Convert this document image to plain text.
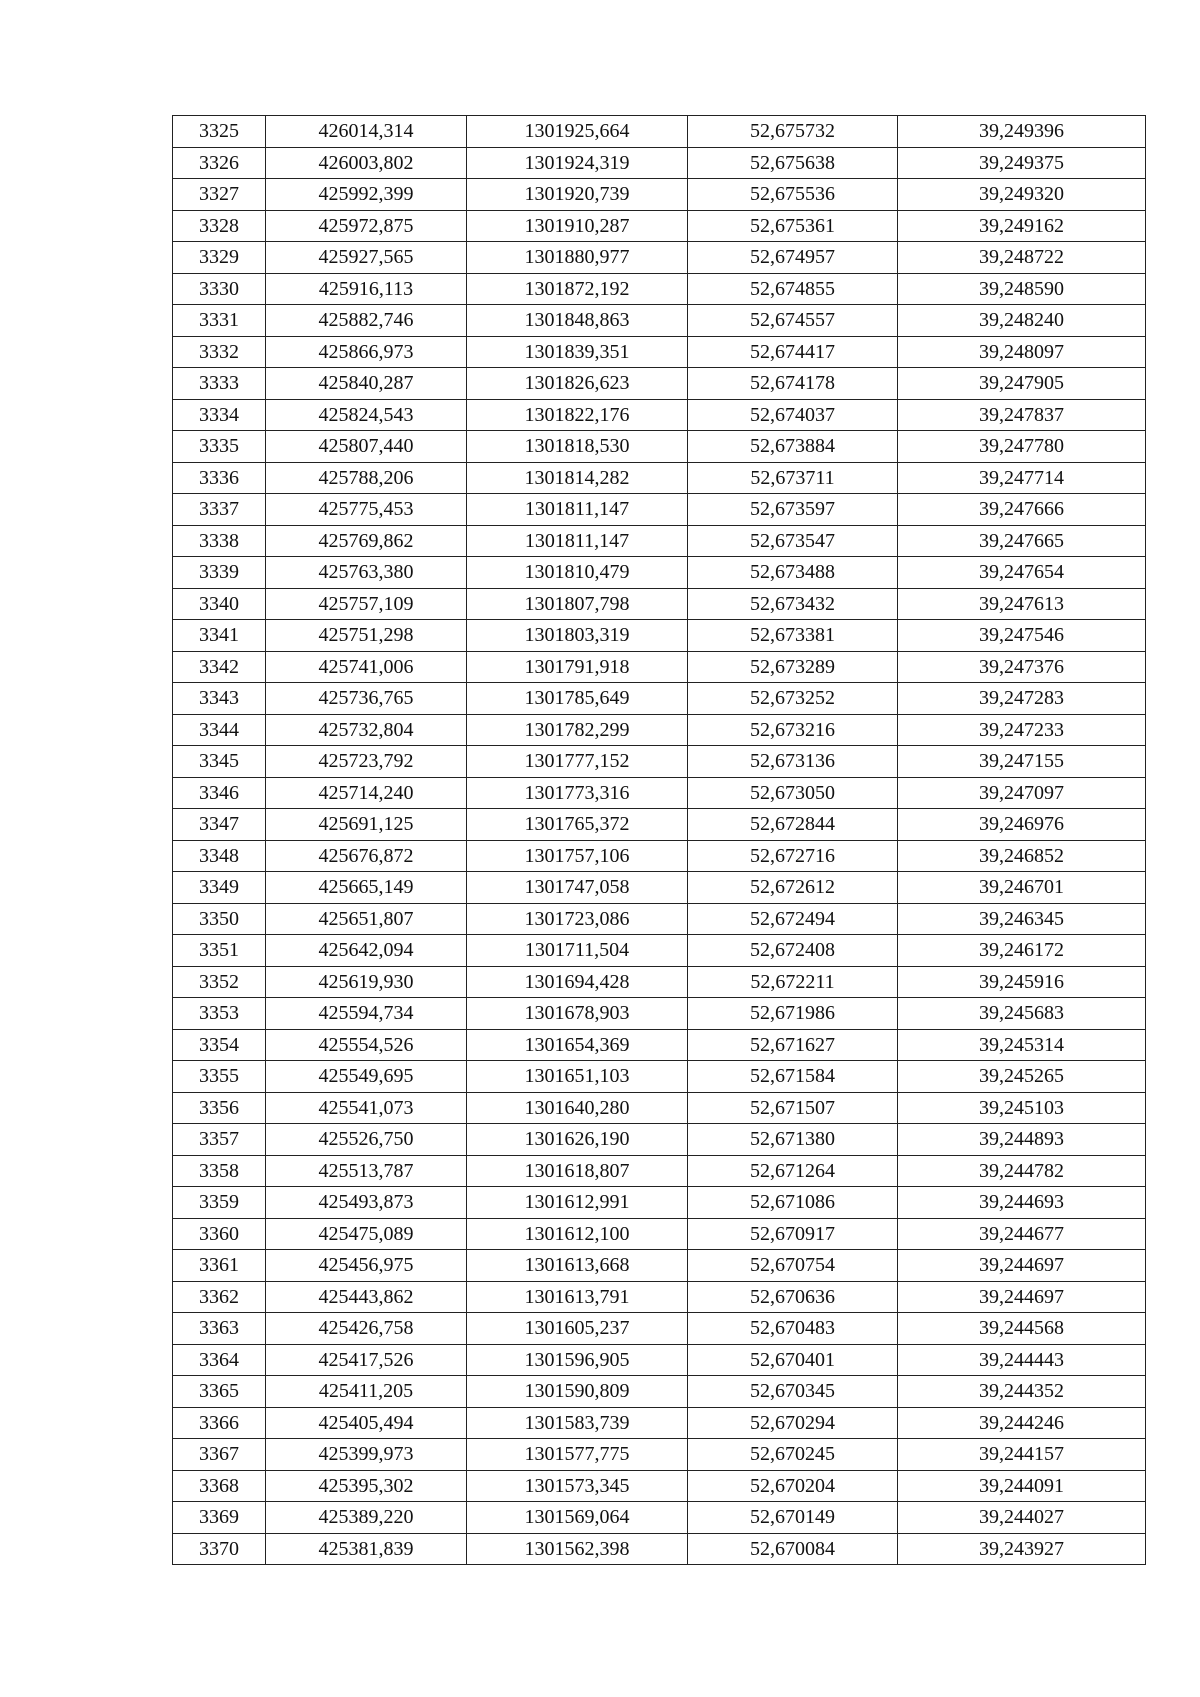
3325	426014,314	1301925,664	52,675732	39,249396
3326	426003,802	1301924,319	52,675638	39,249375
3327	425992,399	1301920,739	52,675536	39,249320
3328	425972,875	1301910,287	52,675361	39,249162
3329	425927,565	1301880,977	52,674957	39,248722
3330	425916,113	1301872,192	52,674855	39,248590
3331	425882,746	1301848,863	52,674557	39,248240
3332	425866,973	1301839,351	52,674417	39,248097
3333	425840,287	1301826,623	52,674178	39,247905
3334	425824,543	1301822,176	52,674037	39,247837
3335	425807,440	1301818,530	52,673884	39,247780
3336	425788,206	1301814,282	52,673711	39,247714
3337	425775,453	1301811,147	52,673597	39,247666
3338	425769,862	1301811,147	52,673547	39,247665
3339	425763,380	1301810,479	52,673488	39,247654
3340	425757,109	1301807,798	52,673432	39,247613
3341	425751,298	1301803,319	52,673381	39,247546
3342	425741,006	1301791,918	52,673289	39,247376
3343	425736,765	1301785,649	52,673252	39,247283
3344	425732,804	1301782,299	52,673216	39,247233
3345	425723,792	1301777,152	52,673136	39,247155
3346	425714,240	1301773,316	52,673050	39,247097
3347	425691,125	1301765,372	52,672844	39,246976
3348	425676,872	1301757,106	52,672716	39,246852
3349	425665,149	1301747,058	52,672612	39,246701
3350	425651,807	1301723,086	52,672494	39,246345
3351	425642,094	1301711,504	52,672408	39,246172
3352	425619,930	1301694,428	52,672211	39,245916
3353	425594,734	1301678,903	52,671986	39,245683
3354	425554,526	1301654,369	52,671627	39,245314
3355	425549,695	1301651,103	52,671584	39,245265
3356	425541,073	1301640,280	52,671507	39,245103
3357	425526,750	1301626,190	52,671380	39,244893
3358	425513,787	1301618,807	52,671264	39,244782
3359	425493,873	1301612,991	52,671086	39,244693
3360	425475,089	1301612,100	52,670917	39,244677
3361	425456,975	1301613,668	52,670754	39,244697
3362	425443,862	1301613,791	52,670636	39,244697
3363	425426,758	1301605,237	52,670483	39,244568
3364	425417,526	1301596,905	52,670401	39,244443
3365	425411,205	1301590,809	52,670345	39,244352
3366	425405,494	1301583,739	52,670294	39,244246
3367	425399,973	1301577,775	52,670245	39,244157
3368	425395,302	1301573,345	52,670204	39,244091
3369	425389,220	1301569,064	52,670149	39,244027
3370	425381,839	1301562,398	52,670084	39,243927
